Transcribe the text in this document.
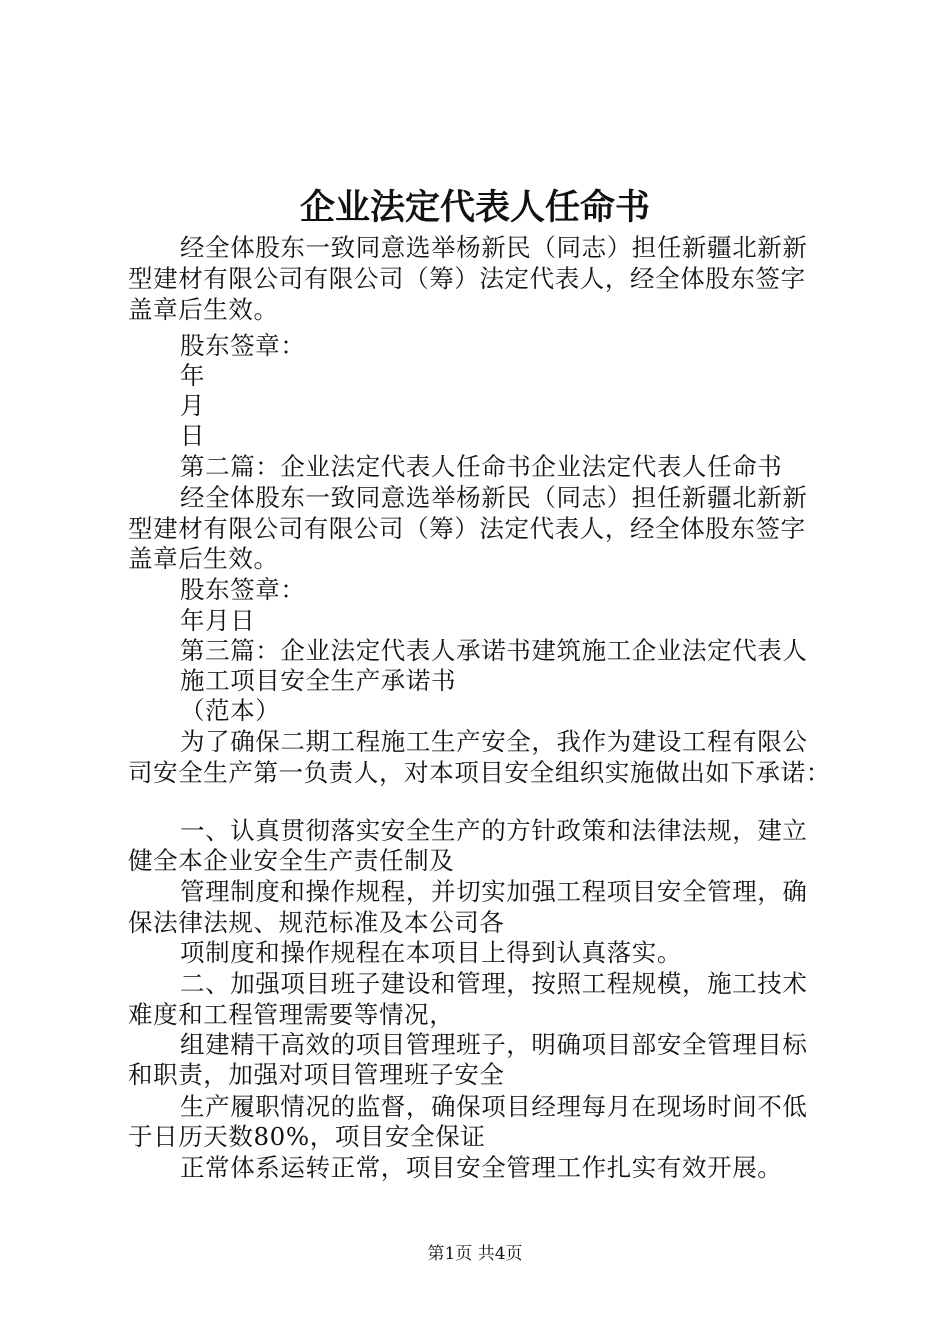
企业法定代表人任命书
经全体股东一致同意选举杨新民（同志）担任新疆北新新
型建材有限公司有限公司（筹）法定代表人，经全体股东签字
盖章后生效。
股东签章：
年
月
日
第二篇：企业法定代表人任命书企业法定代表人任命书
经全体股东一致同意选举杨新民（同志）担任新疆北新新
型建材有限公司有限公司（筹）法定代表人，经全体股东签字
盖章后生效。
股东签章：
年月日
第三篇：企业法定代表人承诺书建筑施工企业法定代表人
施工项目安全生产承诺书
（范本）
为了确保二期工程施工生产安全，我作为建设工程有限公
司安全生产第一负责人，对本项目安全组织实施做出如下承诺：
一、认真贯彻落实安全生产的方针政策和法律法规，建立
健全本企业安全生产责任制及
管理制度和操作规程，并切实加强工程项目安全管理，确
保法律法规、规范标准及本公司各
项制度和操作规程在本项目上得到认真落实。
二、加强项目班子建设和管理，按照工程规模，施工技术
难度和工程管理需要等情况，
组建精干高效的项目管理班子，明确项目部安全管理目标
和职责，加强对项目管理班子安全
生产履职情况的监督，确保项目经理每月在现场时间不低
于日历天数80%，项目安全保证
正常体系运转正常，项目安全管理工作扎实有效开展。
第1页 共4页
